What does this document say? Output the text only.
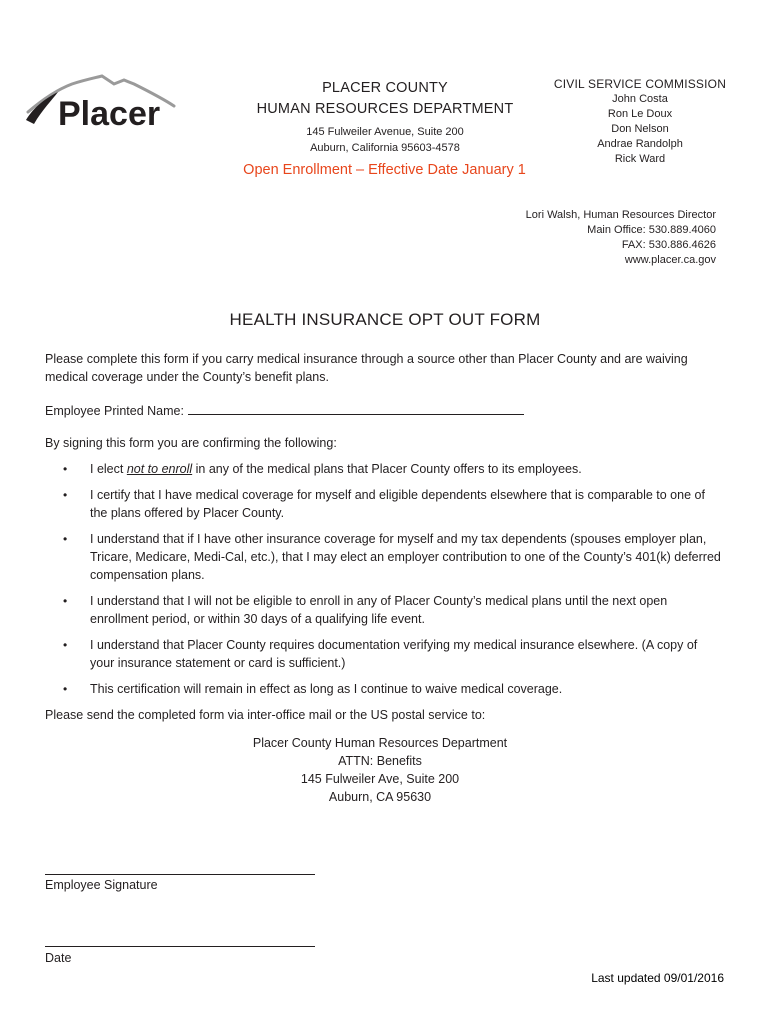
Placer
PLACER COUNTY
HUMAN RESOURCES DEPARTMENT
145 Fulweiler Avenue, Suite 200
Auburn, California 95603-4578
Open Enrollment – Effective Date January 1
CIVIL SERVICE COMMISSION
John Costa
Ron Le Doux
Don Nelson
Andrae Randolph
Rick Ward
Lori Walsh, Human Resources Director
Main Office: 530.889.4060
FAX: 530.886.4626
www.placer.ca.gov
HEALTH INSURANCE OPT OUT FORM

Please complete this form if you carry medical insurance through a source other than Placer County and are waiving medical coverage under the County’s benefit plans.

Employee Printed Name:

By signing this form you are confirming the following:

• I elect not to enroll in any of the medical plans that Placer County offers to its employees.
• I certify that I have medical coverage for myself and eligible dependents elsewhere that is comparable to one of the plans offered by Placer County.
• I understand that if I have other insurance coverage for myself and my tax dependents (spouses employer plan, Tricare, Medicare, Medi-Cal, etc.), that I may elect an employer contribution to one of the County’s 401(k) deferred compensation plans.
• I understand that I will not be eligible to enroll in any of Placer County’s medical plans until the next open enrollment period, or within 30 days of a qualifying life event.
• I understand that Placer County requires documentation verifying my medical insurance elsewhere. (A copy of your insurance statement or card is sufficient.)
• This certification will remain in effect as long as I continue to waive medical coverage.

Please send the completed form via inter-office mail or the US postal service to:

Placer County Human Resources Department
ATTN: Benefits
145 Fulweiler Ave, Suite 200
Auburn, CA 95630
Employee Signature
Date
Last updated 09/01/2016
